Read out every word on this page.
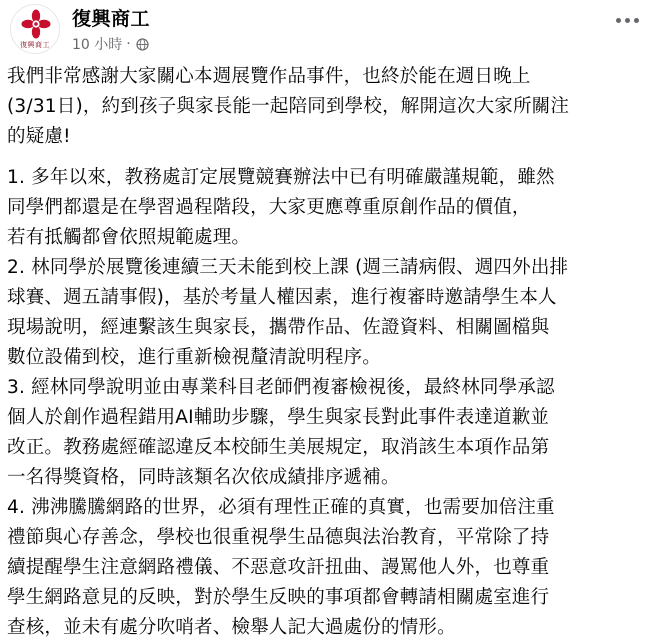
復興商工
復興商工
10 小時 ·

我們非常感謝大家關心本週展覽作品事件，也終於能在週日晚上
(3/31日)，約到孩子與家長能一起陪同到學校，解開這次大家所關注
的疑慮!

1. 多年以來，教務處訂定展覽競賽辦法中已有明確嚴謹規範，雖然
同學們都還是在學習過程階段，大家更應尊重原創作品的價值，
若有抵觸都會依照規範處理。

2. 林同學於展覽後連續三天未能到校上課 (週三請病假、週四外出排
球賽、週五請事假)，基於考量人權因素，進行複審時邀請學生本人
現場說明，經連繫該生與家長，攜帶作品、佐證資料、相關圖檔與
數位設備到校，進行重新檢視釐清說明程序。

3. 經林同學說明並由專業科目老師們複審檢視後，最終林同學承認
個人於創作過程錯用AI輔助步驟，學生與家長對此事件表達道歉並
改正。教務處經確認違反本校師生美展規定，取消該生本項作品第
一名得獎資格，同時該類名次依成績排序遞補。

4. 沸沸騰騰網路的世界，必須有理性正確的真實，也需要加倍注重
禮節與心存善念，學校也很重視學生品德與法治教育，平常除了持
續提醒學生注意網路禮儀、不惡意攻訐扭曲、謾罵他人外，也尊重
學生網路意見的反映，對於學生反映的事項都會轉請相關處室進行
查核，並未有處分吹哨者、檢舉人記大過處份的情形。
